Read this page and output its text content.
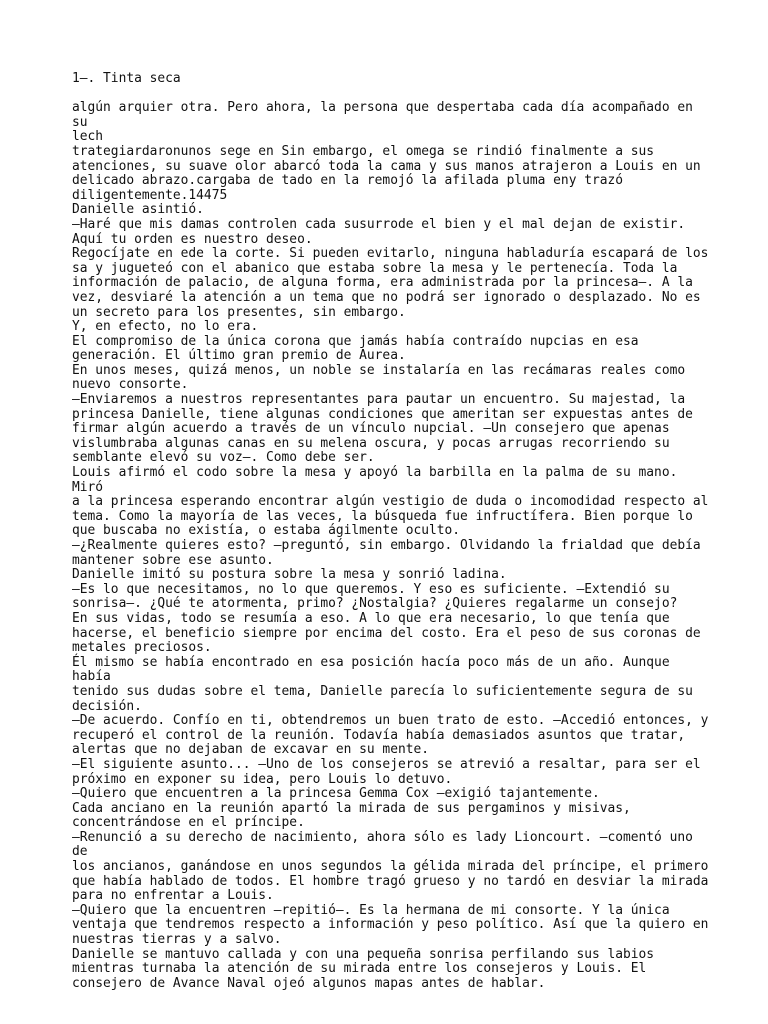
1—. Tinta seca
algún arquier otra. Pero ahora, la persona que despertaba cada día acompañado en su
lech
trategiardaronunos sege en Sin embargo, el omega se rindió finalmente a sus
atenciones, su suave olor abarcó toda la cama y sus manos atrajeron a Louis en un
delicado abrazo.cargaba de tado en la remojó la afilada pluma eny trazó
diligentemente.14475
Danielle asintió.
—Haré que mis damas controlen cada susurrode el bien y el mal dejan de existir.
Aquí tu orden es nuestro deseo.
Regocíjate en ede la corte. Si pueden evitarlo, ninguna habladuría escapará de los
sa y jugueteó con el abanico que estaba sobre la mesa y le pertenecía. Toda la
información de palacio, de alguna forma, era administrada por la princesa—. A la
vez, desviaré la atención a un tema que no podrá ser ignorado o desplazado. No es
un secreto para los presentes, sin embargo.
Y, en efecto, no lo era.
El compromiso de la única corona que jamás había contraído nupcias en esa
generación. El último gran premio de Aurea.
En unos meses, quizá menos, un noble se instalaría en las recámaras reales como
nuevo consorte.
—Enviaremos a nuestros representantes para pautar un encuentro. Su majestad, la
princesa Danielle, tiene algunas condiciones que ameritan ser expuestas antes de
firmar algún acuerdo a través de un vínculo nupcial. —Un consejero que apenas
vislumbraba algunas canas en su melena oscura, y pocas arrugas recorriendo su
semblante elevó su voz—. Como debe ser.
Louis afirmó el codo sobre la mesa y apoyó la barbilla en la palma de su mano. Miró
a la princesa esperando encontrar algún vestigio de duda o incomodidad respecto al
tema. Como la mayoría de las veces, la búsqueda fue infructífera. Bien porque lo
que buscaba no existía, o estaba ágilmente oculto.
—¿Realmente quieres esto? —preguntó, sin embargo. Olvidando la frialdad que debía
mantener sobre ese asunto.
Danielle imitó su postura sobre la mesa y sonrió ladina.
—Es lo que necesitamos, no lo que queremos. Y eso es suficiente. —Extendió su
sonrisa—. ¿Qué te atormenta, primo? ¿Nostalgia? ¿Quieres regalarme un consejo?
En sus vidas, todo se resumía a eso. A lo que era necesario, lo que tenía que
hacerse, el beneficio siempre por encima del costo. Era el peso de sus coronas de
metales preciosos.
Él mismo se había encontrado en esa posición hacía poco más de un año. Aunque había
tenido sus dudas sobre el tema, Danielle parecía lo suficientemente segura de su
decisión.
—De acuerdo. Confío en ti, obtendremos un buen trato de esto. —Accedió entonces, y
recuperó el control de la reunión. Todavía había demasiados asuntos que tratar,
alertas que no dejaban de excavar en su mente.
—El siguiente asunto... —Uno de los consejeros se atrevió a resaltar, para ser el
próximo en exponer su idea, pero Louis lo detuvo.
—Quiero que encuentren a la princesa Gemma Cox —exigió tajantemente.
Cada anciano en la reunión apartó la mirada de sus pergaminos y misivas,
concentrándose en el príncipe.
—Renunció a su derecho de nacimiento, ahora sólo es lady Lioncourt. —comentó uno de
los ancianos, ganándose en unos segundos la gélida mirada del príncipe, el primero
que había hablado de todos. El hombre tragó grueso y no tardó en desviar la mirada
para no enfrentar a Louis.
—Quiero que la encuentren —repitió—. Es la hermana de mi consorte. Y la única
ventaja que tendremos respecto a información y peso político. Así que la quiero en
nuestras tierras y a salvo.
Danielle se mantuvo callada y con una pequeña sonrisa perfilando sus labios
mientras turnaba la atención de su mirada entre los consejeros y Louis. El
consejero de Avance Naval ojeó algunos mapas antes de hablar.
